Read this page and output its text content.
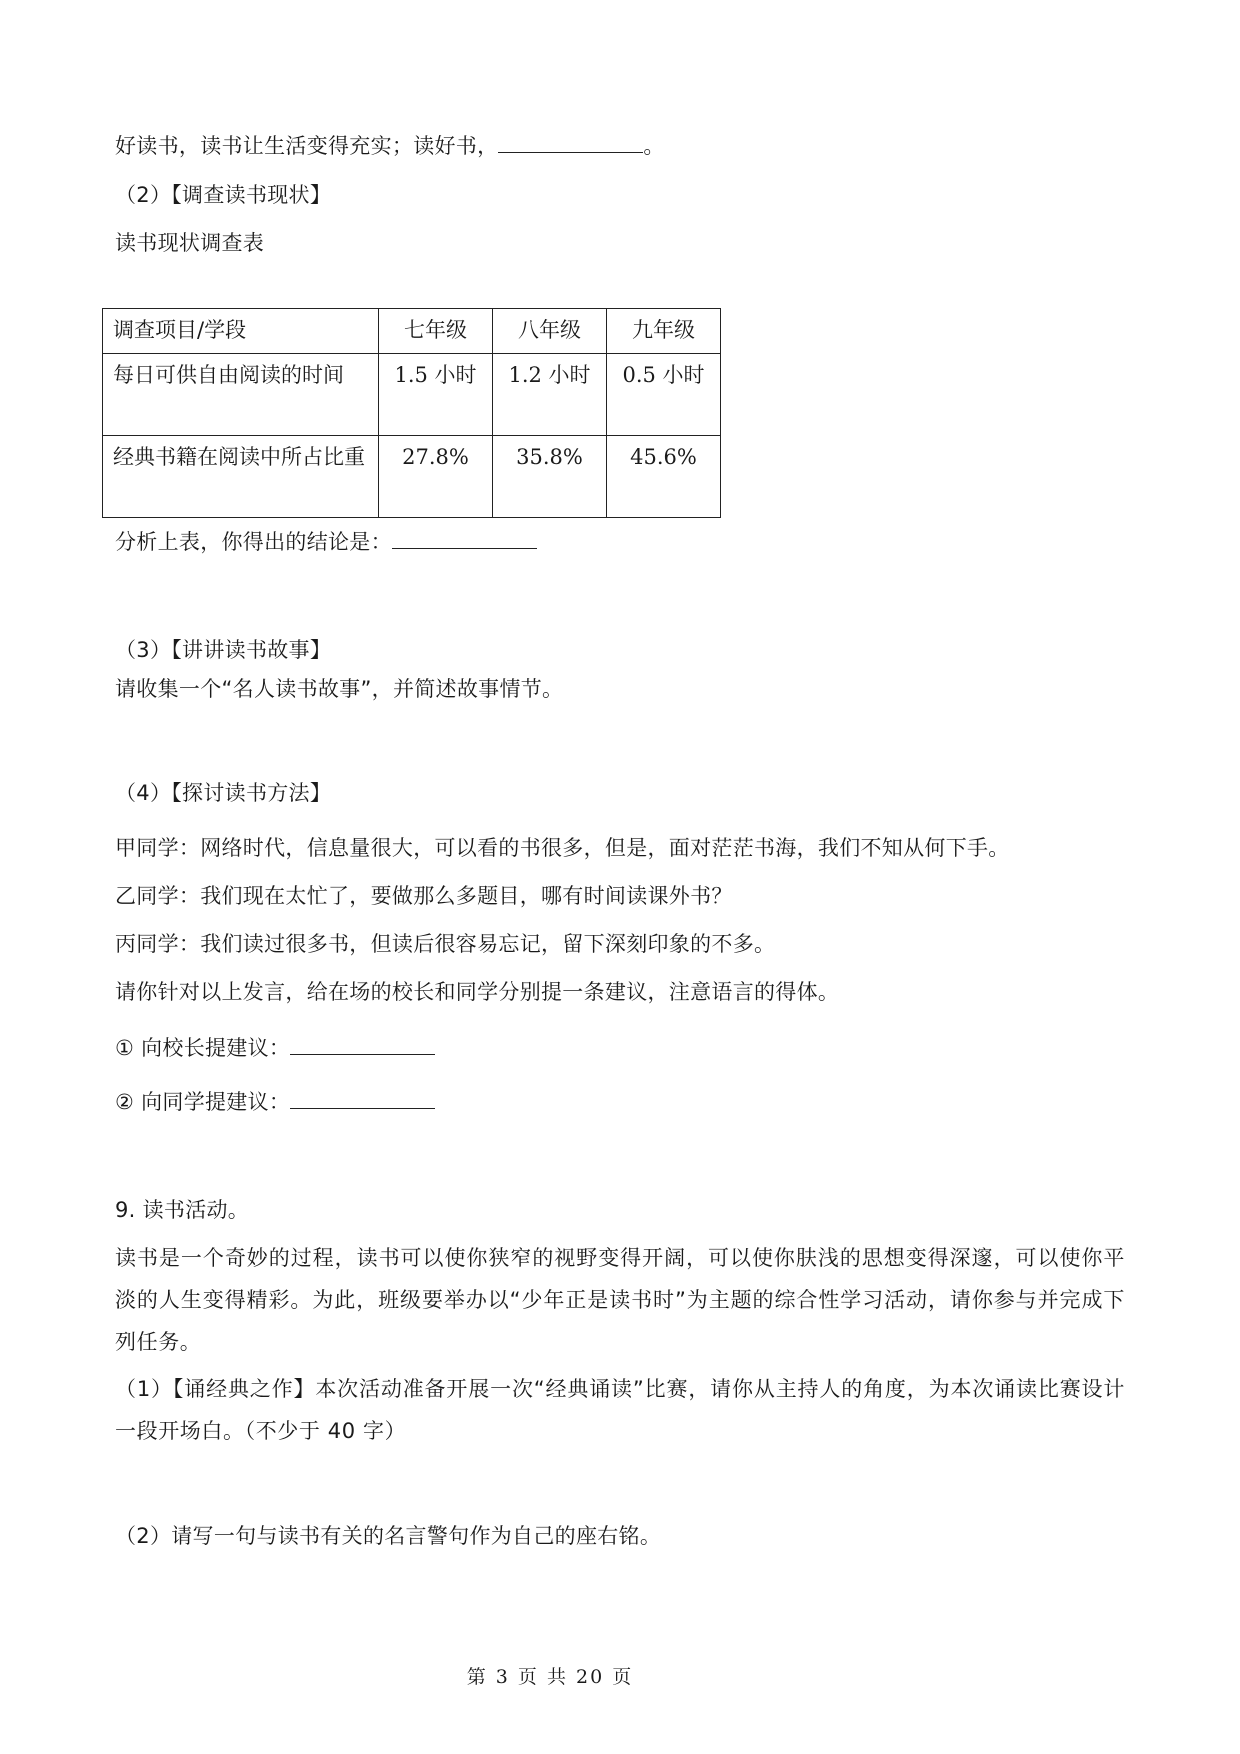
好读书，读书让生活变得充实；读好书，	。
（2）【调查读书现状】
读书现状调查表
调查项目/学段	七年级	八年级	九年级
每日可供自由阅读的时间	1.5 小时	1.2 小时	0.5 小时
经典书籍在阅读中所占比重	27.8%	35.8%	45.6%
分析上表，你得出的结论是：
（3）【讲讲读书故事】
请收集一个“名人读书故事”，并简述故事情节。
（4）【探讨读书方法】
甲同学：网络时代，信息量很大，可以看的书很多，但是，面对茫茫书海，我们不知从何下手。
乙同学：我们现在太忙了，要做那么多题目，哪有时间读课外书？
丙同学：我们读过很多书，但读后很容易忘记，留下深刻印象的不多。
请你针对以上发言，给在场的校长和同学分别提一条建议，注意语言的得体。
① 向校长提建议：
② 向同学提建议：
9. 读书活动。
读书是一个奇妙的过程，读书可以使你狭窄的视野变得开阔，可以使你肤浅的思想变得深邃，可以使你平淡的人生变得精彩。为此，班级要举办以“少年正是读书时”为主题的综合性学习活动，请你参与并完成下列任务。
（1）【诵经典之作】本次活动准备开展一次“经典诵读”比赛，请你从主持人的角度，为本次诵读比赛设计一段开场白。（不少于 40 字）
（2）请写一句与读书有关的名言警句作为自己的座右铭。
第 3 页 共 20 页
